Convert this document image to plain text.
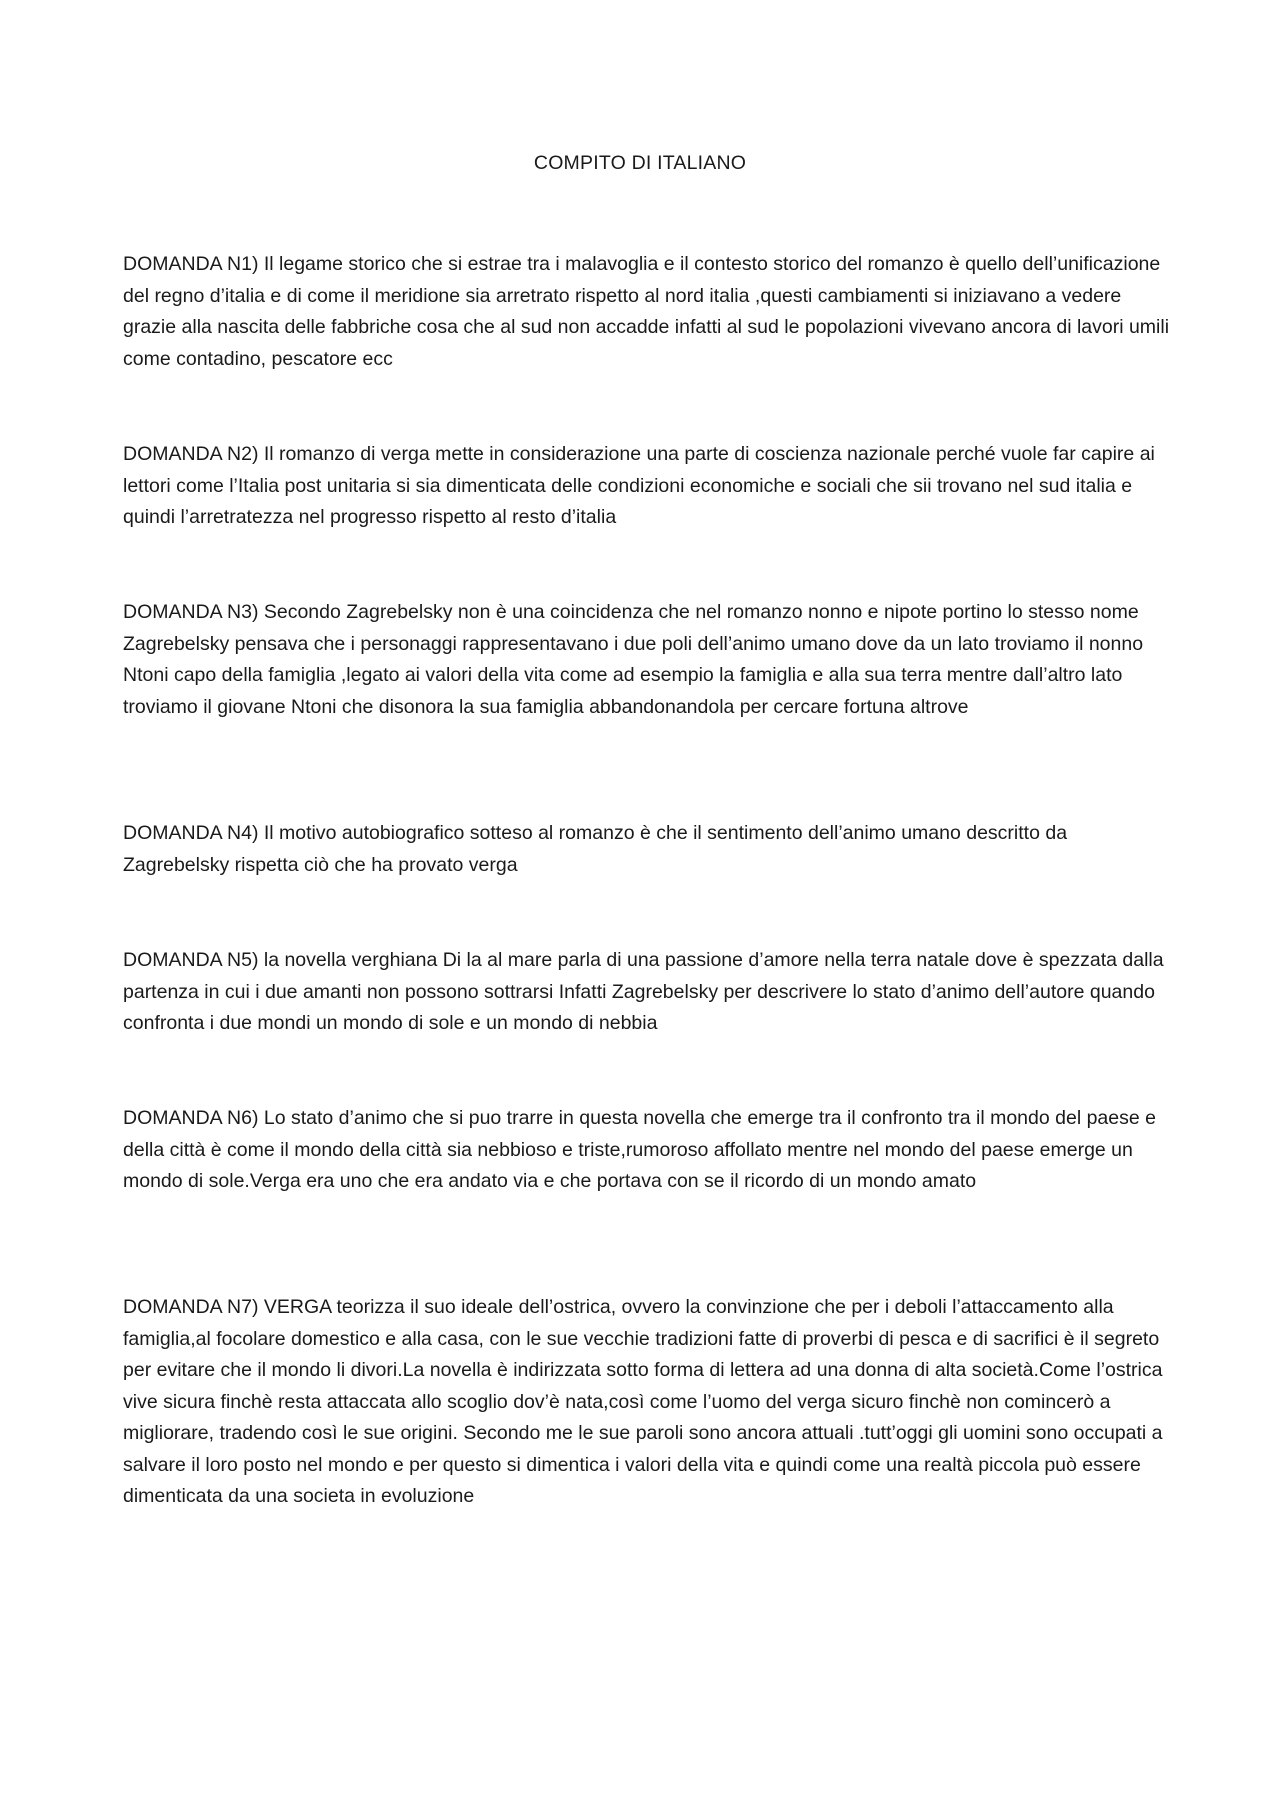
COMPITO DI ITALIANO

DOMANDA N1) Il legame storico che si estrae tra i malavoglia e il contesto storico del romanzo è quello dell’unificazione del regno d’italia e di come il meridione sia arretrato rispetto al nord italia ,questi cambiamenti si iniziavano a vedere grazie alla nascita delle fabbriche cosa che al sud non accadde infatti al sud le popolazioni vivevano ancora di lavori umili come contadino, pescatore ecc

DOMANDA N2) Il romanzo di verga mette in considerazione una parte di coscienza nazionale perché vuole far capire ai lettori come l’Italia post unitaria si sia dimenticata delle condizioni economiche e sociali che sii trovano nel sud italia e quindi l’arretratezza nel progresso rispetto al resto d’italia

DOMANDA N3) Secondo Zagrebelsky non è una coincidenza che nel romanzo nonno e nipote portino lo stesso nome Zagrebelsky pensava che i personaggi rappresentavano i due poli dell’animo umano dove da un lato troviamo il nonno Ntoni capo della famiglia ,legato ai valori della vita come ad esempio la famiglia e alla sua terra mentre dall’altro lato troviamo il giovane Ntoni che disonora la sua famiglia abbandonandola per cercare fortuna altrove

DOMANDA N4) Il motivo autobiografico sotteso al romanzo è che il sentimento dell’animo umano descritto da Zagrebelsky rispetta ciò che ha provato verga

DOMANDA N5) la novella verghiana Di la al mare parla di una passione d’amore nella terra natale dove è spezzata dalla partenza in cui i due amanti non possono sottrarsi Infatti Zagrebelsky per descrivere lo stato d’animo dell’autore quando confronta i due mondi un mondo di sole e un mondo di nebbia

DOMANDA N6) Lo stato d’animo che si puo trarre in questa novella che emerge tra il confronto tra il mondo del paese e della città è come il mondo della città sia nebbioso e triste,rumoroso affollato mentre nel mondo del paese emerge un mondo di sole.Verga era uno che era andato via e che portava con se il ricordo di un mondo amato

DOMANDA N7) VERGA teorizza il suo ideale dell’ostrica, ovvero la convinzione che per i deboli l’attaccamento alla famiglia,al focolare domestico e alla casa, con le sue vecchie tradizioni fatte di proverbi di pesca e di sacrifici è il segreto per evitare che il mondo li divori.La novella è indirizzata sotto forma di lettera ad una donna di alta società.Come l’ostrica vive sicura finchè resta attaccata allo scoglio dov’è nata,così come l’uomo del verga sicuro finchè non comincerò a migliorare, tradendo così le sue origini. Secondo me le sue paroli sono ancora attuali .tutt’oggi gli uomini sono occupati a salvare il loro posto nel mondo e per questo si dimentica i valori della vita e quindi come una realtà piccola può essere dimenticata da una societa in evoluzione
